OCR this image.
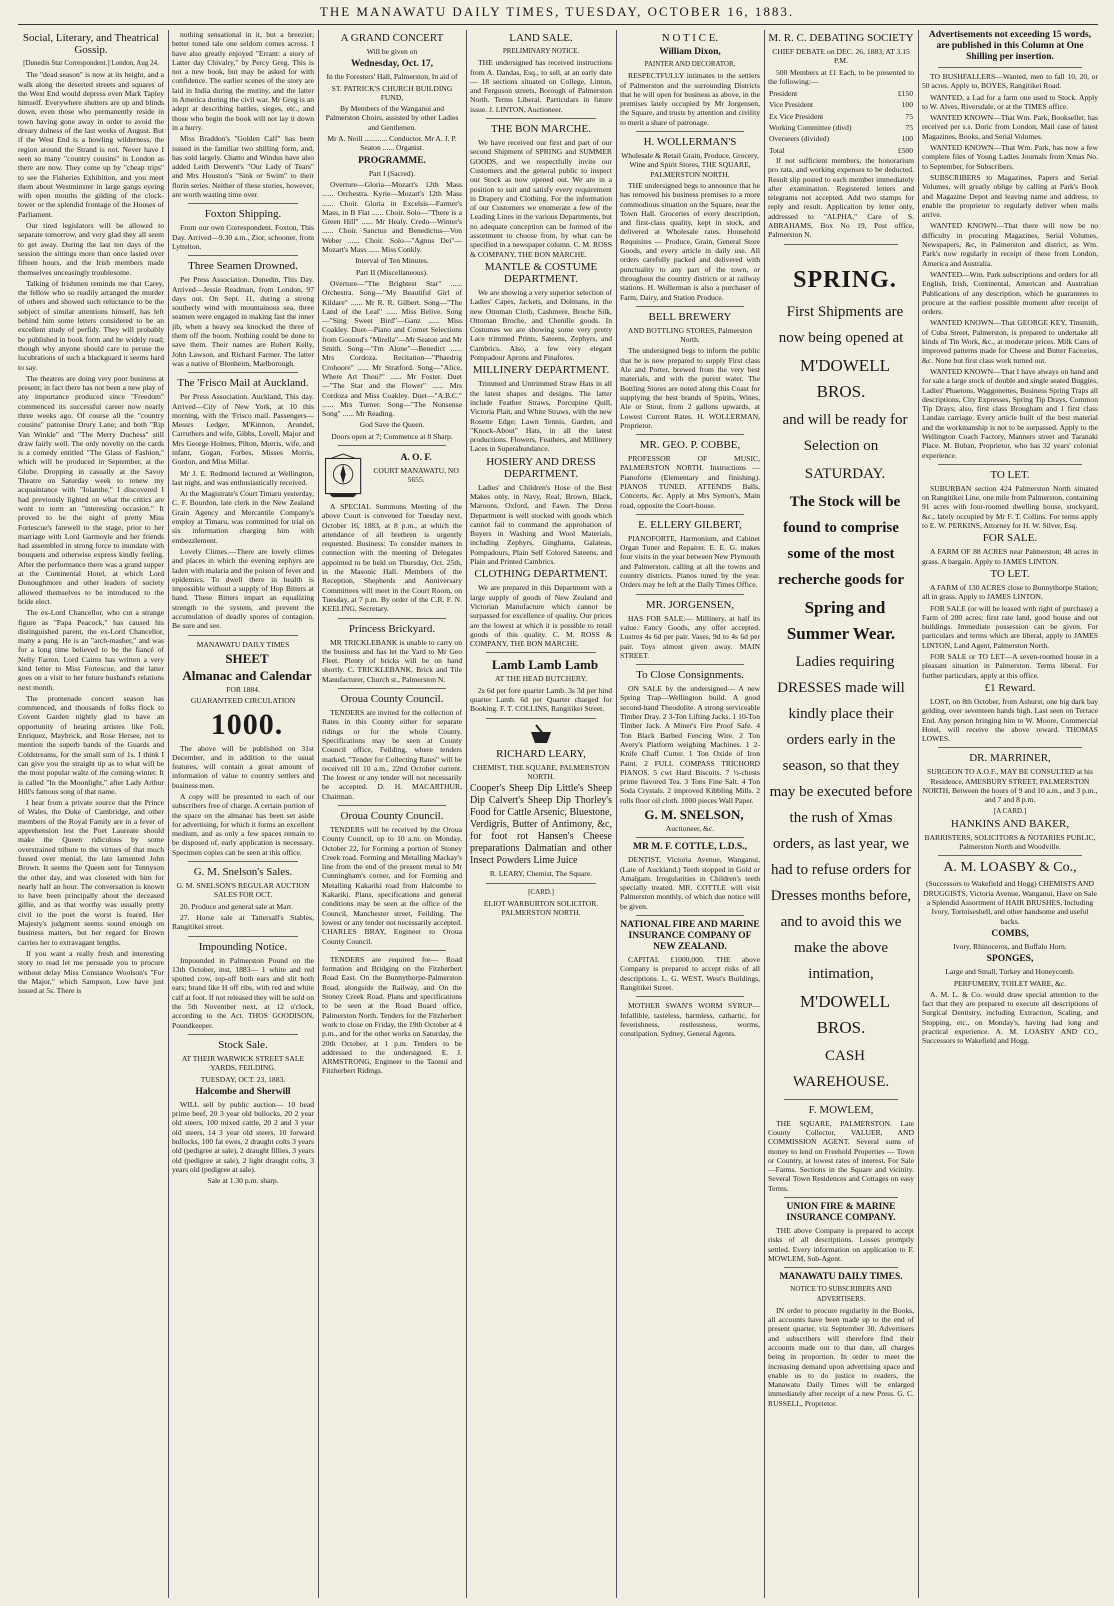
THE MANAWATU DAILY TIMES, TUESDAY, OCTOBER 16, 1883.
Social, Literary, and Theatrical Gossip.

[Dunedin Star Correspondent.] London, Aug 24.

The "dead season" is now at its height, and a walk along the deserted streets and squares of the West End would depress even Mark Tapley himself. Everywhere shutters are up and blinds down, even those who permanently reside in town having gone away in order to avoid the dreary dulness of the last weeks of August. But if the West End is a howling wilderness, the region around the Strand is not. Never have I seen so many "country cousins" in London as there are now. They come up by "cheap trips" to see the Fisheries Exhibition, and you meet them about Westminster in large gangs eyeing with open mouths the gilding of the clock-tower or the splendid frontage of the Houses of Parliament.

Our tired legislators will be allowed to separate tomorrow, and very glad they all seem to get away. During the last ten days of the session the sittings more than once lasted over fifteen hours, and the Irish members made themselves unceasingly troublesome.

Talking of Irishmen reminds me that Carey, the fellow who so readily arranged the murder of others and showed such reluctance to be the subject of similar attentions himself, has left behind him some letters considered to be an excellent study of perfidy. They will probably be published in book form and be widely read; though why anyone should care to peruse the lucubrations of such a blackguard it seems hard to say.

The theatres are doing very poor business at present; in fact there has not been a new play of any importance produced since "Freedom" commenced its successful career now nearly three weeks ago. Of course all the "country cousins" patronise Drury Lane; and both "Rip Van Winkle" and "The Merry Duchess" still draw fairly well. The only novelty on the cards is a comedy entitled "The Glass of Fashion," which will be produced in September, at the Globe. Dropping in casually at the Savoy Theatre on Saturday week to renew my acquaintance with "Iolanthe," I discovered I had previously lighted on what the critics are wont to term an "interesting occasion." It proved to be the night of pretty Miss Fortescue's farewell to the stage, prior to her marriage with Lord Garmoyle and her friends had assembled in strong force to inundate with bouquets and otherwise express kindly feeling. After the performance there was a grand supper at the Continental Hotel, at which Lord Donoughmore and other leaders of society allowed themselves to be introduced to the bride elect.

The ex-Lord Chancellor, who cut a strange figure as "Papa Peacock," has caused his distinguished parent, the ex-Lord Chancellor, many a pang. He is an "arch-masher," and was for a long time believed to be the fiancé of Nelly Farren. Lord Cairns has written a very kind letter to Miss Fortescue, and the latter goes on a visit to her future husband's relations next month.

The promenade concert season has commenced, and thousands of folks flock to Covent Garden nightly glad to have an opportunity of hearing artistes like Foli, Enriquez, Maybrick, and Rose Hersee, not to mention the superb bands of the Guards and Coldstreams, for the small sum of 1s. I think I can give you the straight tip as to what will be the most popular waltz of the coming winter. It is called "In the Moonlight," after Lady Arthur Hill's famous song of that name.

I hear from a private source that the Prince of Wales, the Duke of Cambridge, and other members of the Royal Family are in a fever of apprehension lest the Poet Laureate should make the Queen ridiculous by some overstrained tribute to the virtues of that much fussed over menial, the late lamented John Brown. It seems the Queen sent for Tennyson the other day, and was closeted with him for nearly half an hour. The conversation is known to have been principally about the deceased gillie, and as that worthy was usually pretty civil to the poet the worst is feared. Her Majesty's judgment seems sound enough on business matters, but her regard for Brown carries her to extravagant lengths.

If you want a really fresh and interesting story to read let me persuade you to procure without delay Miss Constance Woolson's "For the Major," which Sampson, Low have just issued at 5s. There is

nothing sensational in it, but a breezier, better toned tale one seldom comes across. I have also greatly enjoyed "Errant: a story of Latter day Chivalry," by Percy Greg. This is not a new book, but may be asked for with confidence. The earlier scenes of the story are laid in India during the mutiny, and the latter in America during the civil war. Mr Greg is an adept at describing battles, sieges, etc., and those who begin the book will not lay it down in a hurry.

Miss Braddon's "Golden Calf" has been issued in the familiar two shilling form, and, has sold largely. Chatto and Windus have also added Leith Derwent's "Our Lady of Tears" and Mrs Houston's "Sink or Swim" to their florin series. Neither of these stories, however, are worth wasting time over.

Foxton Shipping.

From our own Correspondent. Foxton, This Day. Arrived—9.30 a.m., Zior, schooner, from Lyttelton.

Three Seamen Drowned.

Per Press Association. Dunedin, This Day. Arrived—Jessie Readman, from London, 97 days out. On Sept. 11, during a strong southerly wind with mountainous sea, three seamen were engaged in making fast the inner jib, when a heavy sea knocked the three of them off the boom. Nothing could be done to save them. Their names are Robert Kelly, John Lawson, and Richard Farmer. The latter was a native of Blenheim, Marlborough.

The 'Frisco Mail at Auckland.

Per Press Association. Auckland, This day. Arrived—City of New York, at 10 this morning, with the 'Frisco mail. Passengers—Messrs Ledger, M'Kinnon, Arundel, Carruthers and wife, Gibbs, Lovell, Major and Mrs George Holmes, Pilton, Morris, wife, and infant, Gogan, Forbes, Misses Morris, Gordon, and Miss Millar.

Mr J. E. Redmond lectured at Wellington, last night, and was enthusiastically received.

At the Magistrate's Court Timaru yesterday, C. F. Bourdon, late clerk in the New Zealand Grain Agency and Mercantile Company's employ at Timaru, was committed for trial on six information charging him with embezzlement.

Lovely Climes.—There are lovely climes and places in which the evening zephyrs are laden with malaria and the poison of fever and epidemics. To dwell there in health is impossible without a supply of Hop Bitters at hand. These Bitters impart an equalizing strength to the system, and prevent the accumulation of deadly spores of contagion. Be sure and see.

MANAWATU DAILY TIMES

SHEET

Almanac and Calendar

FOR 1884.

GUARANTEED CIRCULATION

1000.

The above will be published on 31st December, and in addition to the usual features, will contain a great amount of information of value to country settlers and business men.

A copy will be presented to each of our subscribers free of charge. A certain portion of the space on the almanac has been set aside for advertising, for which it forms an excellent medium, and as only a few spaces remain to be disposed of, early application is necessary. Specimen copies can be seen at this office.

G. M. Snelson's Sales.

G. M. SNELSON'S REGULAR AUCTION SALES FOR OCT.

20. Produce and general sale at Mart.

27. Horse sale at Tattersall's Stables, Rangitikei street.

Impounding Notice.

Impounded in Palmerston Pound on the 13th October, inst, 1883— 1 white and red spotted cow, top-off both ears and slit both ears; brand like H off ribs, with red and white calf at foot. If not released they will be sold on the 5th November next, at 12 o'clock, according to the Act. THOS GOODISON, Poundkeeper.

Stock Sale.

AT THEIR WARWICK STREET SALE YARDS, FEILDING.

TUESDAY, OCT. 23, 1883.

Halcombe and Sherwill

WILL sell by public auction— 10 head prime beef, 20 3 year old bullocks, 20 2 year old steers, 100 mixed cattle, 20 2 and 3 year old steers, 14 3 year old steers, 10 forward bullocks, 100 fat ewes, 2 draught colts 3 years old (pedigree at sale), 2 draught fillies, 3 years old (pedigree at sale), 2 light draught colts, 3 years old (pedigree at sale).

Sale at 1.30 p.m. sharp.

A GRAND CONCERT

Will be given on

Wednesday, Oct. 17,

In the Foresters' Hall, Palmerston, In aid of

ST. PATRICK'S CHURCH BUILDING FUND,

By Members of the Wanganui and Palmerston Choirs, assisted by other Ladies and Gentlemen.

Mr A. Neill ............ Conductor. Mr A. J. P. Seaton ...... Organist.

PROGRAMME.

Part I (Sacred).

Overture—Gloria—Mozart's 12th Mass ...... Orchestra. Kyrie—Mozart's 12th Mass ...... Choir. Gloria in Excelsis—Farmer's Mass, in B Flat ...... Choir. Solo—"There is a Green Hill" ...... Mr Healy. Credo—Winter's ...... Choir. Sanctus and Benedictus—Von Weber ...... Choir. Solo—"Agnus Dei"—Mozart's Mass ...... Miss Conkly.

Interval of Ten Minutes.

Part II (Miscellaneous).

Overture—"The Brightest Star" ...... Orchestra. Song—"My Beautiful Girl of Kildare" ...... Mr R. R. Gilbert. Song—"The Land of the Leal" ...... Miss Belive. Song—"Sing Sweet Bird"—Ganz ...... Miss Coakley. Duet—Piano and Cornet Selections from Gounod's "Mirella"—Mr Seaton and Mr Smith. Song—"I'm Alone"—Benedict ...... Mrs Cordoza. Recitation—"Phaedrig Crohoore" ...... Mr Stratford. Song—"Alice, Where Art Thou?" ...... Mr Foster. Duet—"The Star and the Flower" ...... Mrs Cordoza and Miss Coakley. Duet—"A.B.C." ...... Mrs Turner. Song—"The Nonsense Song" ...... Mr Reading.

God Save the Queen.

Doors open at 7; Commence at 8 Sharp.

A. O. F.

COURT MANAWATU, NO 5655.

A SPECIAL Summons Meeting of the above Court is convened for Tuesday next, October 16, 1883, at 8 p.m., at which the attendance of all brethren is urgently requested. Business: To consider matters in connection with the meeting of Delegates appointed to be held on Thursday, Oct. 25th, in the Masonic Hall. Members of the Reception, Shepherds and Anniversary Committees will meet in the Court Room, on Tuesday, at 7 p.m. By order of the C.R. F. N. KEELING, Secretary.

Princess Brickyard.

MR TRICKLEBANK is unable to carry on the business and has let the Yard to Mr Geo Fleet. Plenty of bricks will be on hand shortly. C. TRICKLEBANK, Brick and Tile Manufacturer, Church st., Palmerston N.

Oroua County Council.

TENDERS are invited for the collection of Rates in this County either for separate ridings or for the whole County. Specifications may be seen at County Council office, Feilding, where tenders marked, "Tender for Collecting Rates" will be received till 10 a.m., 22nd October current. The lowest or any tender will not necessarily be accepted. D. H. MACARTHUR, Chairman.

Oroua County Council.

TENDERS will be received by the Oroua County Council, up to 10 a.m. on Monday, October 22, for Forming a portion of Stoney Creek road. Forming and Metalling Mackay's line from the end of the present metal to Mr Cunningham's corner, and for Forming and Metalling Kakariki road from Halcombe to Kakariki. Plans, specifications and general conditions may be seen at the office of the Council, Manchester street, Feilding. The lowest or any tender not necessarily accepted. CHARLES BRAY, Engineer to Oroua County Council.

TENDERS are required for— Road formation and Bridging on the Fitzherbert Road East. On the Bunnythorpe-Palmerston Road, alongside the Railway, and On the Stoney Creek Road. Plans and specifications to be seen at the Road Board office, Palmerston North. Tenders for the Fitzherbert work to close on Friday, the 19th October at 4 p.m., and for the other works on Saturday, the 20th October, at 1 p.m. Tenders to be addressed to the undersigned. E. J. ARMSTRONG, Engineer to the Taonui and Fitzherbert Ridings.

LAND SALE.

PRELIMINARY NOTICE.

THE undersigned has received instructions from A. Dandas, Esq., to sell, at an early date— 18 sections situated on College, Linton, and Ferguson streets, Borough of Palmerston North. Terms Liberal. Particulars in future issue. J. LINTON, Auctioneer.

THE BON MARCHE.

We have received our first and part of our second Shipment of SPRING and SUMMER GOODS, and we respectfully invite our Customers and the general public to inspect our Stock as now opened out. We are in a position to suit and satisfy every requirement in Drapery and Clothing. For the information of our Customers we enumerate a few of the Leading Lines in the various Departments, but no adequate conception can be formed of the assortment to choose from, by what can be specified in a newspaper column. C. M. ROSS & COMPANY, THE BON MARCHE.

MANTLE & COSTUME DEPARTMENT.

We are showing a very superior selection of Ladies' Capes, Jackets, and Dolmans, in the new Ottoman Cloth, Cashmere, Broche Silk, Ottoman Broche, and Chenille goods. In Costumes we are showing some very pretty Lace trimmed Prints, Sateens, Zephyrs, and Cambrics. Also, a few very elegant Pompadour Aprons and Pinafores.

MILLINERY DEPARTMENT.

Trimmed and Untrimmed Straw Hats in all the latest shapes and designs. The latter include Feather Straws, Porcupine Quill, Victoria Plait, and White Straws, with the new Rosette Edge; Lawn Tennis, Garden, and "Knock-About" Hats, in all the latest productions. Flowers, Feathers, and Millinery Laces in Superabundance.

HOSIERY AND DRESS DEPARTMENT.

Ladies' and Children's Hose of the Best Makes only, in Navy, Real, Brown, Black, Maroons, Oxford, and Fawn. The Dress Department is well stocked with goods which cannot fail to command the approbation of Buyers in Washing and Wool Materials, including Zephyrs, Ginghams, Galateas, Pompadours, Plain Self Colored Sateens, and Plain and Printed Cambrics.

CLOTHING DEPARTMENT.

We are prepared in this Department with a large supply of goods of New Zealand and Victorian Manufacture which cannot be surpassed for excellence of quality. Our prices are the lowest at which it is possible to retail goods of this quality. C. M. ROSS & COMPANY, THE BON MARCHE.

Lamb Lamb Lamb

AT THE HEAD BUTCHERY.

2s 6d per fore quarter Lamb. 3s 3d per hind quarter Lamb. 6d per Quarter charged for Booking. F. T. COLLINS, Rangitikei Street.

RICHARD LEARY,

CHEMIST, THE SQUARE, PALMERSTON NORTH.

Cooper's Sheep Dip Little's Sheep Dip Calvert's Sheep Dip Thorley's Food for Cattle Arsenic, Bluestone, Verdigris, Butter of Antimony, &c, for foot rot Hansen's Cheese preparations Dalmatian and other Insect Powders Lime Juice

R. LEARY, Chemist, The Square.

[CARD.]

ELIOT WARBURTON SOLICITOR. PALMERSTON NORTH.

N O T I C E.
William Dixon,

PAINTER AND DECORATOR,

RESPECTFULLY intimates to the settlers of Palmerston and the surrounding Districts that he will open for business as above, in the premises lately occupied by Mr Jorgensen, the Square, and trusts by attention and civility to merit a share of patronage.

H. WOLLERMAN'S

Wholesale & Retail Grain, Produce, Grocery, Wine and Spirit Stores, THE SQUARE, PALMERSTON NORTH.

THE undersigned begs to announce that he has removed his business premises to a more commodious situation on the Square, near the Town Hall. Groceries of every description, and first-class quality, kept in stock, and delivered at Wholesale rates. Household Requisites — Produce, Grain, General Store Goods, and every article in daily use. All orders carefully packed and delivered with punctuality to any part of the town, or throughout the country districts or at railway stations. H. Wollerman is also a purchaser of Farm, Dairy, and Station Produce.

BELL BREWERY

AND BOTTLING STORES, Palmerston North.

The undersigned begs to inform the public that he is now prepared to supply First class Ale and Porter, brewed from the very best materials, and with the purest water. The Bottling Stores are noted along this Coast for supplying the best brands of Spirits, Wines, Ale or Stout, from 2 gallons upwards, at Lowest Current Rates. H. WOLLERMAN, Proprietor.

MR. GEO. P. COBBE,

PROFESSOR OF MUSIC, PALMERSTON NORTH. Instructions — Pianoforte (Elementary and finishing). PIANOS TUNED. ATTENDS Balls, Concerts, &c. Apply at Mrs Symon's, Main road, opposite the Court-house.

E. ELLERY GILBERT,

PIANOFORTE, Harmonium, and Cabinet Organ Tuner and Repairer. E. E. G. makes four visits in the year between New Plymouth and Palmerston, calling at all the towns and country districts. Pianos tuned by the year. Orders may be left at the Daily Times Office.

MR. JORGENSEN,

HAS FOR SALE:— Millinery, at half its value. Fancy Goods, any offer accepted. Lustres 4s 6d per pair. Vases, 9d to 4s 6d per pair. Toys almost given away. MAIN STREET.

To Close Consignments.

ON SALE by the undersigned— A new Spring Trap—Wellington build. A good second-hand Theodolite. A strong serviceable Timber Dray. 2 3-Ton Lifting Jacks. 1 10-Ton Timber Jack. A Miner's Fire Proof Safe. 4 Ton Black Barbed Fencing Wire. 2 Ton Avery's Platform weighing Machines. 1 2-Knife Chaff Cutter. 1 Ton Oxide of Iron Paint. 2 FULL COMPASS TRICHORD PIANOS. 5 cwt Hard Biscuits. 7 ½-chests prime flavored Tea. 3 Tons Fine Salt. 4 Ton Soda Crystals. 2 improved Kibbling Mills. 2 rolls floor oil cloth. 1000 pieces Wall Paper.

G. M. SNELSON,

Auctioneer, &c.

MR M. F. COTTLE, L.D.S.,

DENTIST, Victoria Avenue, Wanganui, (Late of Auckland.) Teeth stopped in Gold or Amalgam. Irregularities in Children's teeth specially treated. MR. COTTLE will visit Palmerston monthly, of which due notice will be given.

NATIONAL FIRE AND MARINE INSURANCE COMPANY OF NEW ZEALAND.

CAPITAL £1000,000. THE above Company is prepared to accept risks of all descriptions. L. G. WEST, West's Buildings, Rangitikei Street.

MOTHER SWAN'S WORM SYRUP—Infallible, tasteless, harmless, cathartic, for feverishness, restlessness, worms, constipation. Sydney, General Agents.

M. R. C. DEBATING SOCIETY

CHIEF DEBATE on DEC. 26, 1883, AT 3.15 P.M.

500 Members at £1 Each, to be presented to the following:—

President	£150
Vice President	100
Ex Vice President	75
Working Committee (divd)	75
Overseers (divided)	100
Total	£500

If not sufficient members, the honorarium pro rata, and working expenses to be deducted. Result slip posted to each member immediately after examination. Registered letters and telegrams not accepted. Add two stamps for reply and result. Application by letter only, addressed to "ALPHA," Care of S. ABRAHAMS, Box No 19, Post office, Palmerston N.

SPRING.

First Shipments are now being opened at

M'DOWELL BROS.

and will be ready for Selection on

SATURDAY.

The Stock will be found to comprise some of the most recherche goods for

Spring and Summer Wear.

Ladies requiring DRESSES made will kindly place their orders early in the season, so that they may be executed before the rush of Xmas orders, as last year, we had to refuse orders for Dresses months before, and to avoid this we make the above intimation,

M'DOWELL BROS.

CASH WAREHOUSE.

F. MOWLEM,

THE SQUARE, PALMERSTON. Late County Collector, VALUER, AND COMMISSION AGENT. Several sums of money to lend on Freehold Properties — Town or Country, at lowest rates of interest. For Sale—Farms. Sections in the Square and vicinity. Several Town Residences and Cottages on easy Terms.

UNION FIRE & MARINE INSURANCE COMPANY.

THE above Company is prepared to accept risks of all descriptions. Losses promptly settled. Every information on application to F. MOWLEM, Sub-Agent.

MANAWATU DAILY TIMES.

NOTICE TO SUBSCRIBERS AND ADVERTISERS.

IN order to procure regularity in the Books, all accounts have been made up to the end of present quarter, viz September 30. Advertisers and subscribers will therefore find their accounts made out to that date, all charges being in proportion. In order to meet the increasing demand upon advertising space and enable us to do justice to readers, the Manawatu Daily Times will be enlarged immediately after receipt of a new Press. G. C. RUSSELL, Proprietor.

Advertisements not exceeding 15 words, are published in this Column at One Shilling per insertion.

TO BUSHFALLERS—Wanted, men to fall 10, 20, or 50 acres. Apply to, BOYES, Rangitikei Road.

WANTED, a Lad for a farm one used to Stock. Apply to W. Alves, Riversdale, or at the TIMES office.

WANTED KNOWN—That Wm. Park, Bookseller, has received per s.s. Doric from London, Mail case of latest Magazines, Books, and Serial Volumes.

WANTED KNOWN—That Wm. Park, has now a few complete files of Young Ladies Journals from Xmas No. to September, for Subscribers.

SUBSCRIBERS to Magazines, Papers and Serial Volumes, will greatly oblige by calling at Park's Book and Magazine Depot and leaving name and address, to enable the proprietor to regularly deliver when mails arrive.

WANTED KNOWN—That there will now be no difficulty in procuring Magazines, Serial Volumes, Newspapers, &c, in Palmerston and district, as Wm. Park's now regularly in receipt of these from London, America and Australia.

WANTED—Wm. Park subscriptions and orders for all English, Irish, Continental, American and Australian Publications of any description, which he guarantees to procure at the earliest possible moment after receipt of orders.

WANTED KNOWN—That GEORGE KEY, Tinsmith, of Cuba Street, Palmerston, is prepared to undertake all kinds of Tin Work, &c., at moderate prices. Milk Cans of improved patterns made for Cheese and Butter Factories, &c. None but first class work turned out.

WANTED KNOWN—That I have always on hand and for sale a large stock of double and single seated Buggies, Ladies' Phaetons, Waggonettes, Business Spring Traps all descriptions, City Expresses, Spring Tip Drays, Common Tip Drays; also, first class Brougham and 1 first class Landau carriage. Every article built of the best material and the workmanship is not to be surpassed. Apply to the Wellington Coach Factory, Manners street and Taranaki Place. M. Buban, Proprietor, who has 32 years' colonial experience.

TO LET.

SUBURBAN section 424 Palmerston North situated on Rangitikei Line, one mile from Palmerston, containing 91 acres with four-roomed dwelling house, stockyard, &c., lately occupied by Mr F. T. Collins. For terms apply to E. W. PERKINS, Attorney for H. W. Silver, Esq.

FOR SALE.

A FARM OF 88 ACRES near Palmerston; 48 acres in grass. A bargain. Apply to JAMES LINTON.

TO LET.

A FARM of 130 ACRES close to Bunnythorpe Station; all in grass. Apply to JAMES LINTON.

FOR SALE (or will be leased with right of purchase) a Farm of 200 acres; first rate land, good house and out buildings. Immediate possession can be given. For particulars and terms which are liberal, apply to JAMES LINTON, Land Agent, Palmerston North.

FOR SALE or TO LET—A seven-roomed house in a pleasant situation in Palmerston. Terms liberal. For further particulars, apply at this office.

£1 Reward.

LOST, on 8th October, from Ashurst, one big dark bay gelding, over seventeen hands high. Last seen on Terrace End. Any person bringing him to W. Moore, Commercial Hotel, will receive the above reward. THOMAS LOWES.

DR. MARRINER,

SURGEON TO A.O.F., MAY BE CONSULTED at his Residence, AMESBURY STREET, PALMERSTON NORTH, Between the hours of 9 and 10 a.m., and 3 p.m., and 7 and 8 p.m.

[A CARD.]

HANKINS AND BAKER,

BARRISTERS, SOLICITORS & NOTARIES PUBLIC, Palmerston North and Woodville.

A. M. LOASBY & Co.,

(Successors to Wakefield and Hogg) CHEMISTS AND DRUGGISTS, Victoria Avenue, Wanganui, Have on Sale a Splendid Assortment of HAIR BRUSHES, Including Ivory, Tortoiseshell, and other handsome and useful backs.

COMBS,

Ivory, Rhinoceros, and Buffalo Horn.

SPONGES,

Large and Small, Turkey and Honeycomb.

PERFUMERY, TOILET WARE, &c.

A. M. L. & Co. would draw special attention to the fact that they are prepared to execute all descriptions of Surgical Dentistry, including Extraction, Scaling, and Stopping, etc., on Monday's, having had long and practical experience. A. M. LOASBY AND CO., Successors to Wakefield and Hogg.
